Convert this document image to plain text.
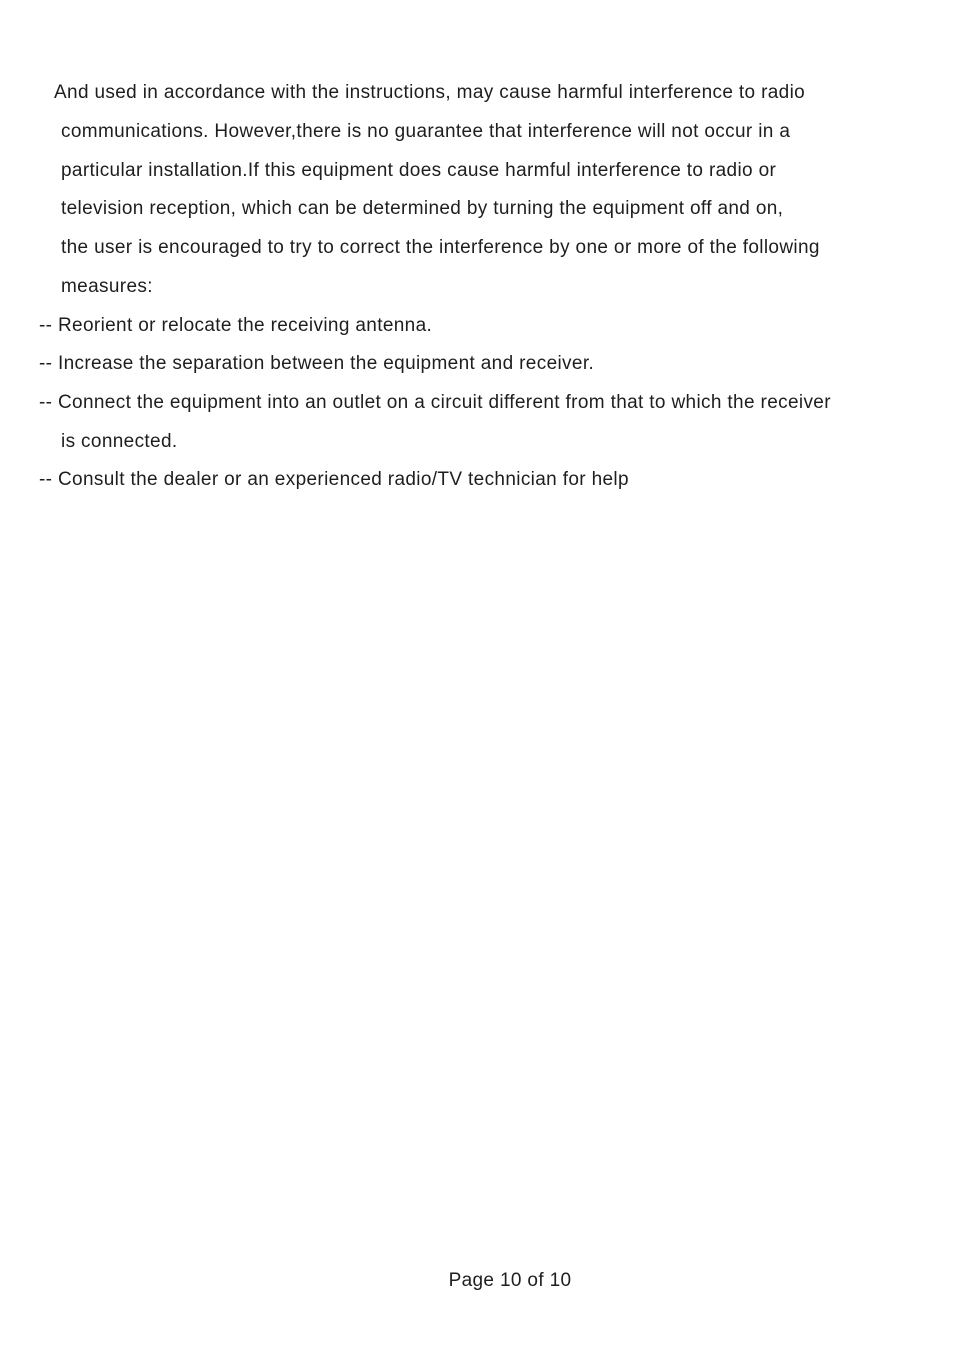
And used in accordance with the instructions, may cause harmful interference to radio
communications. However,there is no guarantee that interference will not occur in a
particular installation.If this equipment does cause harmful interference to radio or
television reception, which can be determined by turning the equipment off and on,
the user is encouraged to try to correct the interference by one or more of the following
measures:
-- Reorient or relocate the receiving antenna.
-- Increase the separation between the equipment and receiver.
-- Connect the equipment into an outlet on a circuit different from that to which the receiver
is connected.
-- Consult the dealer or an experienced radio/TV technician for help
Page 10 of 10
